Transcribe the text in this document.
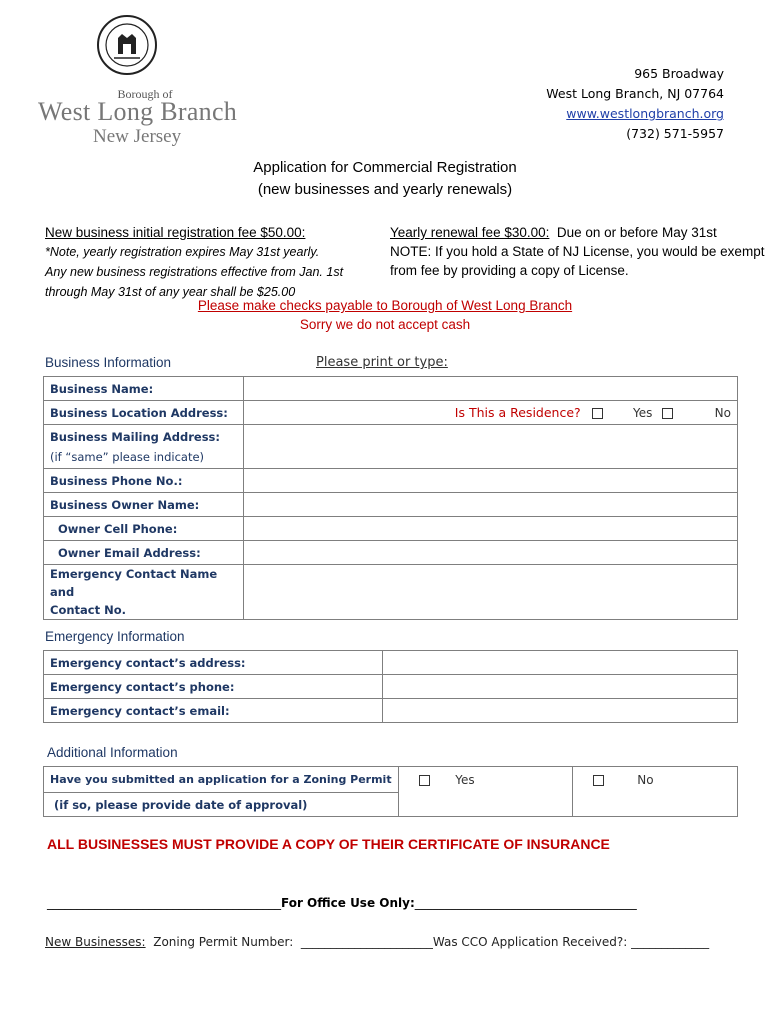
Borough of
West Long Branch
New Jersey
965 Broadway
West Long Branch, NJ 07764
www.westlongbranch.org
(732) 571-5957
Application for Commercial Registration
(new businesses and yearly renewals)
New business initial registration fee $50.00:
*Note, yearly registration expires May 31st yearly.
Any new business registrations effective from Jan. 1st
through May 31st of any year shall be $25.00
Yearly renewal fee $30.00:  Due on or before May 31st
NOTE: If you hold a State of NJ License, you would be exempt
from fee by providing a copy of License.
Please make checks payable to Borough of West Long Branch
Sorry we do not accept cash
Business Information	Please print or type:
Business Name:	
Business Location Address:	Is This a Residence? Yes No

Business Mailing Address:
(if “same” please indicate)	

Business Phone No.:	
Business Owner Name:	
Owner Cell Phone:	
Owner Email Address:	

Emergency Contact Name and
Contact No.	

Emergency Information
Emergency contact’s address:	
Emergency contact’s phone:	
Emergency contact’s email:	
Additional Information
Have you submitted an application for a Zoning Permit	Yes	No
(if so, please provide date of approval)
ALL BUSINESSES MUST PROVIDE A COPY OF THEIR CERTIFICATE OF INSURANCE
_______________________________________For Office Use Only:_____________________________________
New Businesses:  Zoning Permit Number:  ______________________Was CCO Application Received?: _____________
